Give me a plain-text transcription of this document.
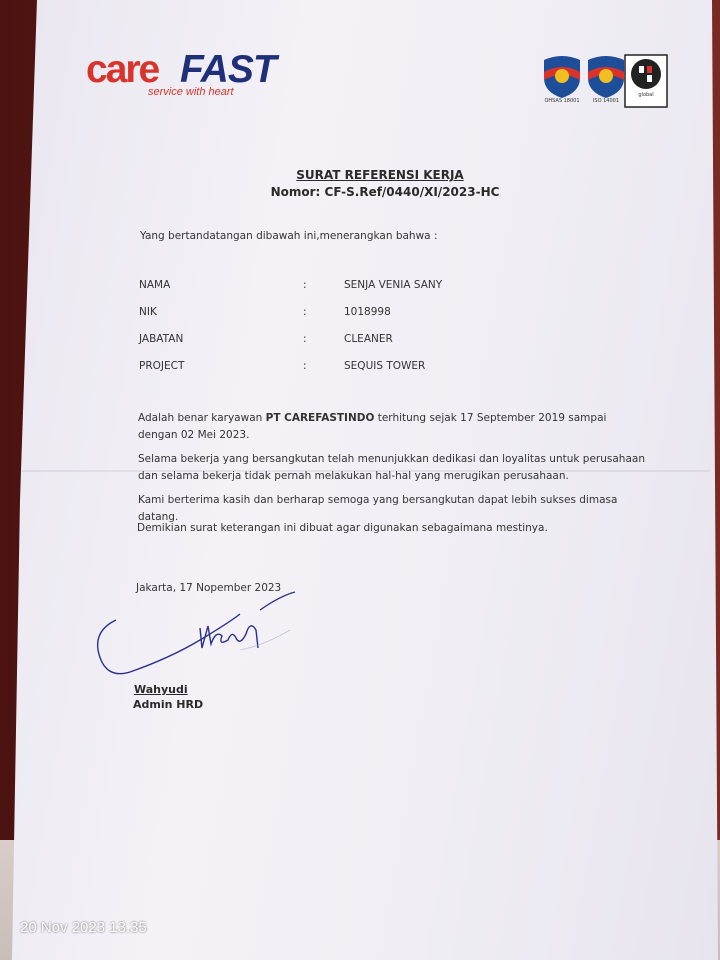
care FAST
service with heart
OHSAS 18001	ISO 14001
global
SURAT REFERENSI KERJA
Nomor: CF-S.Ref/0440/XI/2023-HC
Yang bertandatangan dibawah ini,menerangkan bahwa :
NAMA	:	SENJA VENIA SANY
NIK	:	1018998
JABATAN	:	CLEANER
PROJECT	:	SEQUIS TOWER
Adalah benar karyawan PT CAREFASTINDO terhitung sejak 17 September 2019 sampai dengan 02 Mei 2023.
Selama bekerja yang bersangkutan telah menunjukkan dedikasi dan loyalitas untuk perusahaan dan selama bekerja tidak pernah melakukan hal-hal yang merugikan perusahaan.
Kami berterima kasih dan berharap semoga yang bersangkutan dapat lebih sukses dimasa datang.
Demikian surat keterangan ini dibuat agar digunakan sebagaimana mestinya.
Jakarta, 17 Nopember 2023
Wahyudi
Admin HRD
20 Nov 2023 13.35
